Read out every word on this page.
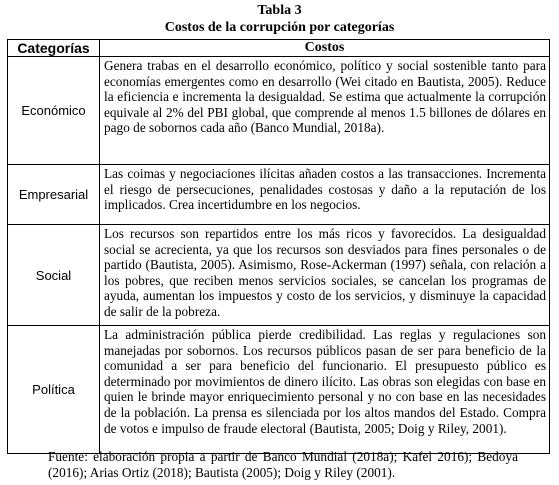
Tabla 3
Costos de la corrupción por categorías
Categorías	Costos
Económico	Genera trabas en el desarrollo económico, político y social sostenible tanto para economías emergentes como en desarrollo (Wei citado en Bautista, 2005). Reduce la eficiencia e incrementa la desigualdad. Se estima que actualmente la corrupción equivale al 2% del PBI global, que comprende al menos 1.5 billones de dólares en pago de sobornos cada año (Banco Mundial, 2018a).
Empresarial	Las coimas y negociaciones ilícitas añaden costos a las transacciones. Incrementa el riesgo de persecuciones, penalidades costosas y daño a la reputación de los implicados. Crea incertidumbre en los negocios.
Social	Los recursos son repartidos entre los más ricos y favorecidos. La desigualdad social se acrecienta, ya que los recursos son desviados para fines personales o de partido (Bautista, 2005). Asimismo, Rose-Ackerman (1997) señala, con relación a los pobres, que reciben menos servicios sociales, se cancelan los programas de ayuda, aumentan los impuestos y costo de los servicios, y disminuye la capacidad de salir de la pobreza.
Política	La administración pública pierde credibilidad. Las reglas y regulaciones son manejadas por sobornos. Los recursos públicos pasan de ser para beneficio de la comunidad a ser para beneficio del funcionario. El presupuesto público es determinado por movimientos de dinero ilícito. Las obras son elegidas con base en quien le brinde mayor enriquecimiento personal y no con base en las necesidades de la población. La prensa es silenciada por los altos mandos del Estado. Compra de votos e impulso de fraude electoral (Bautista, 2005; Doig y Riley, 2001).
Fuente: elaboración propia a partir de Banco Mundial (2018a); Kafel 2016); Bedoya (2016); Arias Ortiz (2018); Bautista (2005); Doig y Riley (2001).
